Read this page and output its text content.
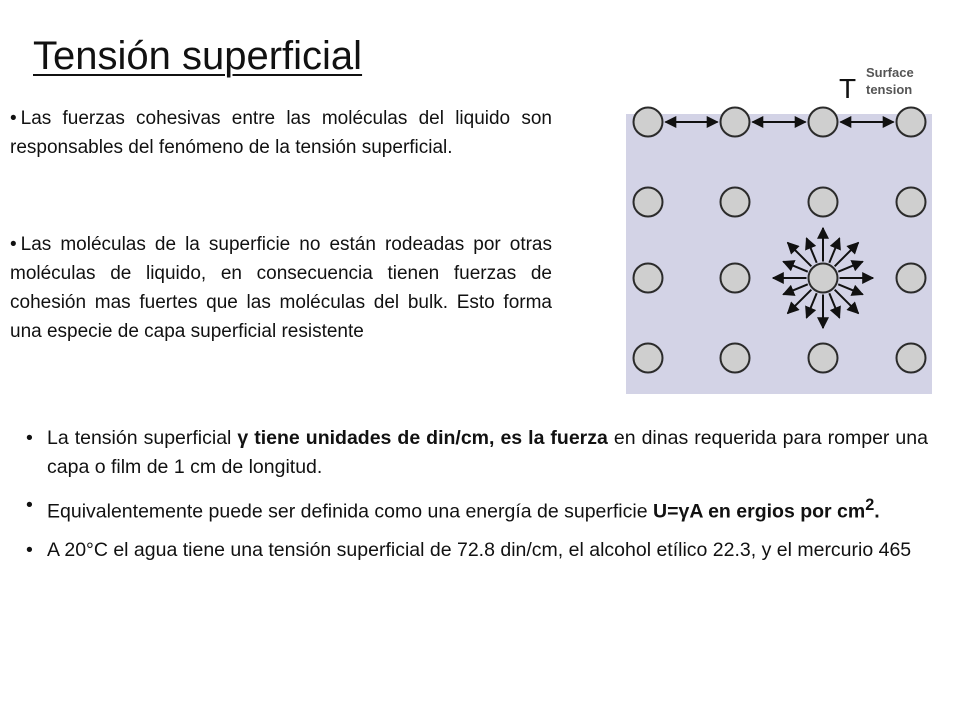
Tensión superficial

• Las fuerzas cohesivas entre las moléculas del liquido son responsables del fenómeno de la tensión superficial.

• Las moléculas de la superficie no están rodeadas por otras moléculas de liquido, en consecuencia tienen fuerzas de cohesión mas fuertes que las moléculas del bulk. Esto forma una especie de capa superficial resistente

T
Surface
tension
• La tensión superficial γ tiene unidades de din/cm, es la fuerza en dinas requerida para romper una capa o film de 1 cm de longitud.
• Equivalentemente puede ser definida como una energía de superficie U=γA en ergios por $cm^2$.
• A 20°C el agua tiene una tensión superficial de 72.8 din/cm, el alcohol etílico 22.3, y el mercurio 465
